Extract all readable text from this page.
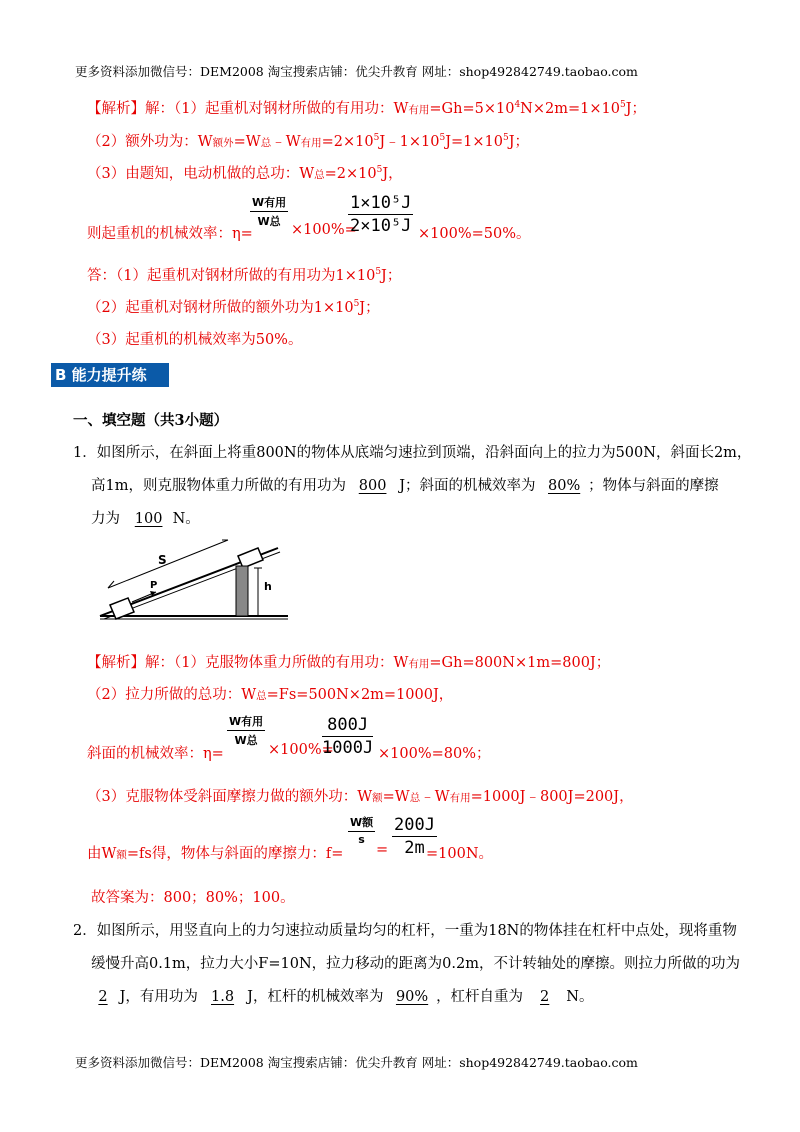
更多资料添加微信号：DEM2008 淘宝搜索店铺：优尖升教育 网址：shop492842749.taobao.com
【解析】解：（1）起重机对钢材所做的有用功：W有用$=Gh=5\times 10^4N\times 2m=1\times 10^5J$；
（2）额外功为：W额外=W总﹣W有用$=2\times 10^5J﹣1\times 10^5J=1\times 10^5J$；
（3）由题知，电动机做的总功：W总$=2\times 10^5J$，
则起重机的机械效率：η=
W有用
W总
×100%=
$\frac{\text{1×10⁵J}}{\text{2×10⁵J}} \times 100\%=50\%$。
答：（1）起重机对钢材所做的有用功为$1\times 10^5J$；
（2）起重机对钢材所做的额外功为$1\times 10^5J$；
（3）起重机的机械效率为50%。
B 能力提升练
一、填空题（共3小题）
1．如图所示，在斜面上将重800N的物体从底端匀速拉到顶端，沿斜面向上的拉力为500N，斜面长2m，
高1m，则克服物体重力所做的有用功为 800 J；斜面的机械效率为 80% ；物体与斜面的摩擦
力为 100 N。
h
S
P
【解析】解：（1）克服物体重力所做的有用功：W有用=Gh=800N×1m=800J；
（2）拉力所做的总功：W总=Fs=500N×2m=1000J，
斜面的机械效率：η=
W有用
W总
×100%=
$\frac{800J}{1000J} \times 100\%=80\%$；
（3）克服物体受斜面摩擦力做的额外功：W额=W总﹣W有用=1000J﹣800J=200J，
由W额=fs得，物体与斜面的摩擦力：f=
W额
s
= $\frac{200J}{2m}$
=100N。
故答案为：800；80%；100。
2．如图所示，用竖直向上的力匀速拉动质量均匀的杠杆，一重为18N的物体挂在杠杆中点处，现将重物
缓慢升高0.1m，拉力大小F=10N，拉力移动的距离为0.2m，不计转轴处的摩擦。则拉力所做的功为
2 J，有用功为 1.8 J，杠杆的机械效率为 90% ，杠杆自重为 2 N。
更多资料添加微信号：DEM2008 淘宝搜索店铺：优尖升教育 网址：shop492842749.taobao.com
